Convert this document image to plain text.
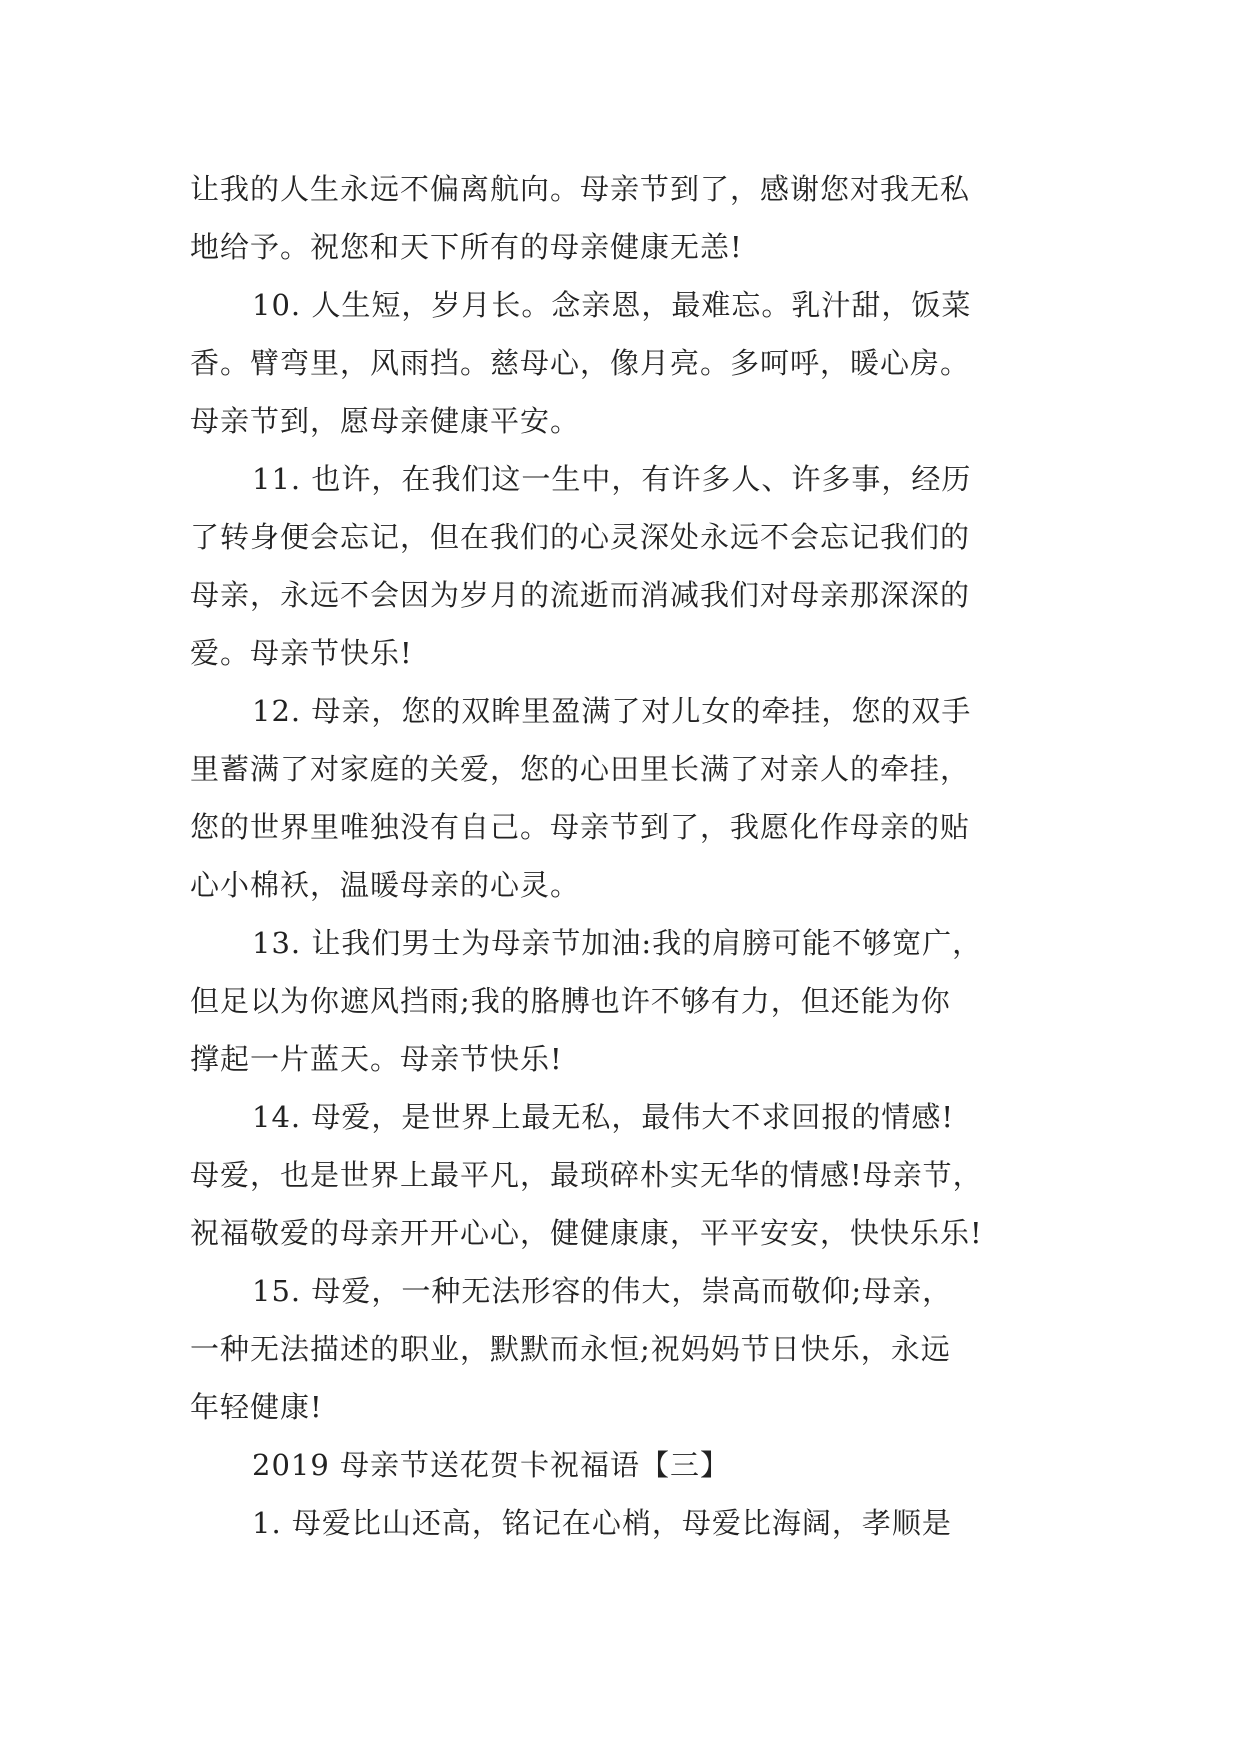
让我的人生永远不偏离航向。母亲节到了，感谢您对我无私
地给予。祝您和天下所有的母亲健康无恙!
10. 人生短，岁月长。念亲恩，最难忘。乳汁甜，饭菜
香。臂弯里，风雨挡。慈母心，像月亮。多呵呼，暖心房。
母亲节到，愿母亲健康平安。
11. 也许，在我们这一生中，有许多人、许多事，经历
了转身便会忘记，但在我们的心灵深处永远不会忘记我们的
母亲，永远不会因为岁月的流逝而消减我们对母亲那深深的
爱。母亲节快乐!
12. 母亲，您的双眸里盈满了对儿女的牵挂，您的双手
里蓄满了对家庭的关爱，您的心田里长满了对亲人的牵挂，
您的世界里唯独没有自己。母亲节到了，我愿化作母亲的贴
心小棉袄，温暖母亲的心灵。
13. 让我们男士为母亲节加油:我的肩膀可能不够宽广，
但足以为你遮风挡雨;我的胳膊也许不够有力，但还能为你
撑起一片蓝天。母亲节快乐!
14. 母爱，是世界上最无私，最伟大不求回报的情感!
母爱，也是世界上最平凡，最琐碎朴实无华的情感!母亲节，
祝福敬爱的母亲开开心心，健健康康，平平安安，快快乐乐!
15. 母爱，一种无法形容的伟大，崇高而敬仰;母亲，
一种无法描述的职业，默默而永恒;祝妈妈节日快乐，永远
年轻健康!
2019 母亲节送花贺卡祝福语【三】
1. 母爱比山还高，铭记在心梢，母爱比海阔，孝顺是
